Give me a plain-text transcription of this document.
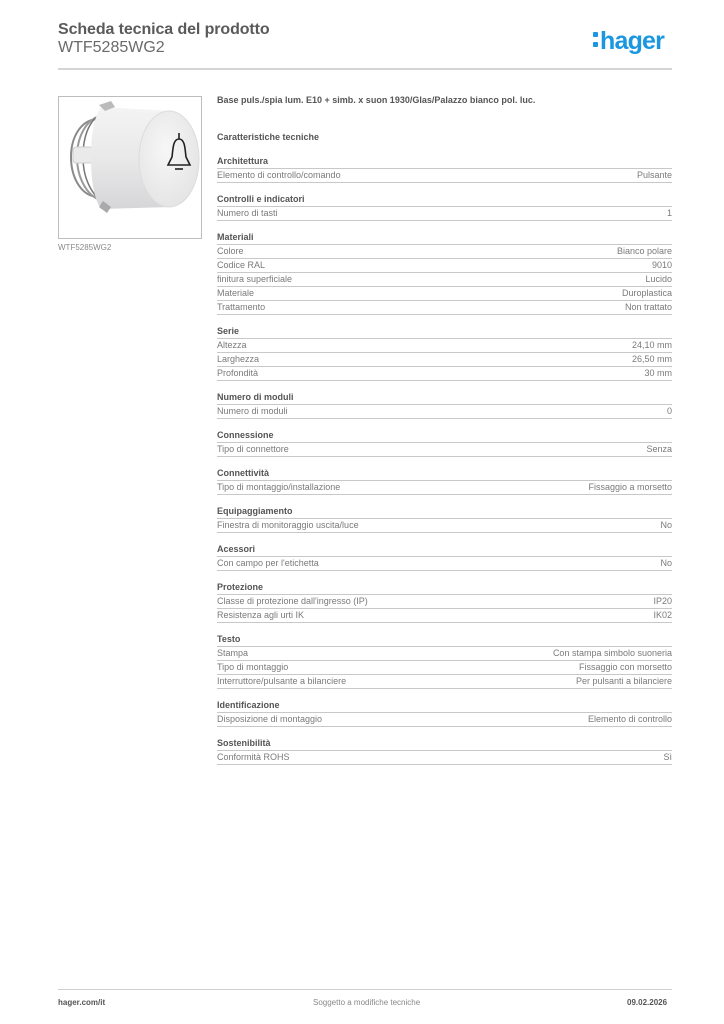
Scheda tecnica del prodotto
WTF5285WG2	hager
WTF5285WG2
Base puls./spia lum. E10 + simb. x suon 1930/Glas/Palazzo bianco pol. luc.
Caratteristiche tecniche
Architettura
Elemento di controllo/comando	Pulsante
Controlli e indicatori
Numero di tasti	1
Materiali
Colore	Bianco polare
Codice RAL	9010
finitura superficiale	Lucido
Materiale	Duroplastica
Trattamento	Non trattato
Serie
Altezza	24,10 mm
Larghezza	26,50 mm
Profondità	30 mm
Numero di moduli
Numero di moduli	0
Connessione
Tipo di connettore	Senza
Connettività
Tipo di montaggio/installazione	Fissaggio a morsetto
Equipaggiamento
Finestra di monitoraggio uscita/luce	No
Acessori
Con campo per l'etichetta	No
Protezione
Classe di protezione dall'ingresso (IP)	IP20
Resistenza agli urti IK	IK02
Testo
Stampa	Con stampa simbolo suoneria
Tipo di montaggio	Fissaggio con morsetto
Interruttore/pulsante a bilanciere	Per pulsanti a bilanciere
Identificazione
Disposizione di montaggio	Elemento di controllo
Sostenibilità
Conformità ROHS	Sì
hager.com/it	Soggetto a modifiche tecniche	09.02.2026
